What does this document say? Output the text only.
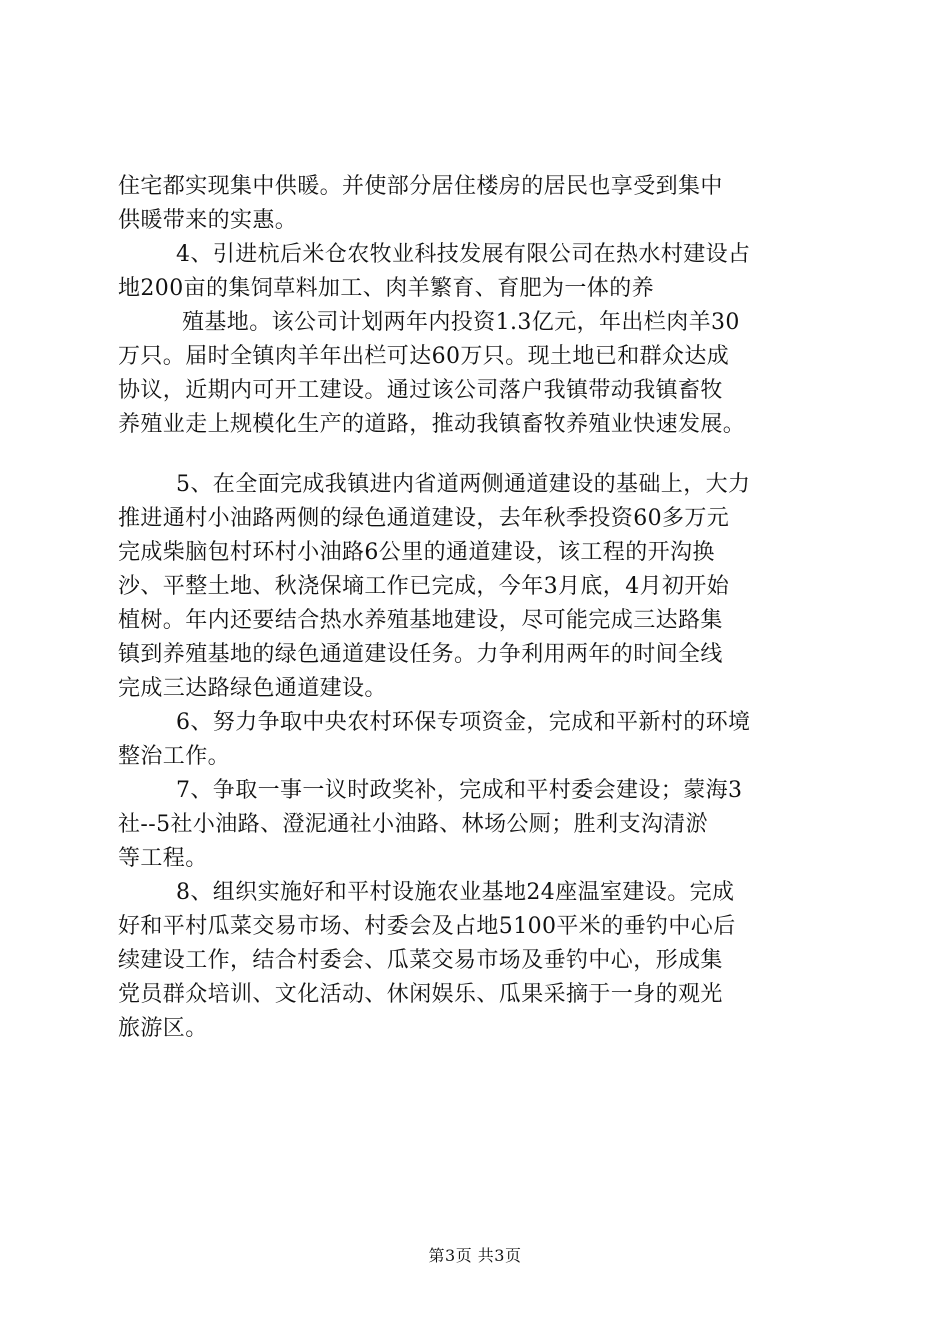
住宅都实现集中供暖。并使部分居住楼房的居民也享受到集中
供暖带来的实惠。
4、引进杭后米仓农牧业科技发展有限公司在热水村建设占
地200亩的集饲草料加工、肉羊繁育、育肥为一体的养
殖基地。该公司计划两年内投资1.3亿元，年出栏肉羊30
万只。届时全镇肉羊年出栏可达60万只。现土地已和群众达成
协议，近期内可开工建设。通过该公司落户我镇带动我镇畜牧
养殖业走上规模化生产的道路，推动我镇畜牧养殖业快速发展。
5、在全面完成我镇进内省道两侧通道建设的基础上，大力
推进通村小油路两侧的绿色通道建设，去年秋季投资60多万元
完成柴脑包村环村小油路6公里的通道建设，该工程的开沟换
沙、平整土地、秋浇保墒工作已完成，今年3月底，4月初开始
植树。年内还要结合热水养殖基地建设，尽可能完成三达路集
镇到养殖基地的绿色通道建设任务。力争利用两年的时间全线
完成三达路绿色通道建设。
6、努力争取中央农村环保专项资金，完成和平新村的环境
整治工作。
7、争取一事一议时政奖补，完成和平村委会建设；蒙海3
社--5社小油路、澄泥通社小油路、林场公厕；胜利支沟清淤
等工程。
8、组织实施好和平村设施农业基地24座温室建设。完成
好和平村瓜菜交易市场、村委会及占地5100平米的垂钓中心后
续建设工作，结合村委会、瓜菜交易市场及垂钓中心，形成集
党员群众培训、文化活动、休闲娱乐、瓜果采摘于一身的观光
旅游区。
第3页 共3页
